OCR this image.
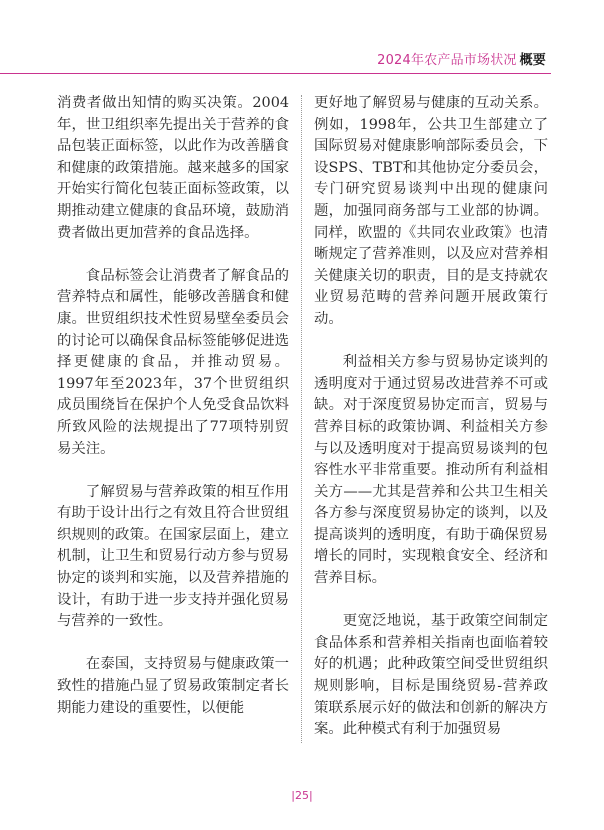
2024年农产品市场状况 概要

消费者做出知情的购买决策。2004年，世卫组织率先提出关于营养的食品包装正面标签，以此作为改善膳食和健康的政策措施。越来越多的国家开始实行简化包装正面标签政策，以期推动建立健康的食品环境，鼓励消费者做出更加营养的食品选择。

食品标签会让消费者了解食品的营养特点和属性，能够改善膳食和健康。世贸组织技术性贸易壁垒委员会的讨论可以确保食品标签能够促进选择更健康的食品，并推动贸易。1997年至2023年，37个世贸组织成员围绕旨在保护个人免受食品饮料所致风险的法规提出了77项特别贸易关注。

了解贸易与营养政策的相互作用有助于设计出行之有效且符合世贸组织规则的政策。在国家层面上，建立机制，让卫生和贸易行动方参与贸易协定的谈判和实施，以及营养措施的设计，有助于进一步支持并强化贸易与营养的一致性。

在泰国，支持贸易与健康政策一致性的措施凸显了贸易政策制定者长期能力建设的重要性，以便能

更好地了解贸易与健康的互动关系。例如，1998年，公共卫生部建立了国际贸易对健康影响部际委员会，下设SPS、TBT和其他协定分委员会，专门研究贸易谈判中出现的健康问题，加强同商务部与工业部的协调。同样，欧盟的《共同农业政策》也清晰规定了营养准则，以及应对营养相关健康关切的职责，目的是支持就农业贸易范畴的营养问题开展政策行动。

利益相关方参与贸易协定谈判的透明度对于通过贸易改进营养不可或缺。对于深度贸易协定而言，贸易与营养目标的政策协调、利益相关方参与以及透明度对于提高贸易谈判的包容性水平非常重要。推动所有利益相关方——尤其是营养和公共卫生相关各方参与深度贸易协定的谈判，以及提高谈判的透明度，有助于确保贸易增长的同时，实现粮食安全、经济和营养目标。

更宽泛地说，基于政策空间制定食品体系和营养相关指南也面临着较好的机遇；此种政策空间受世贸组织规则影响，目标是围绕贸易-营养政策联系展示好的做法和创新的解决方案。此种模式有利于加强贸易

|25|
